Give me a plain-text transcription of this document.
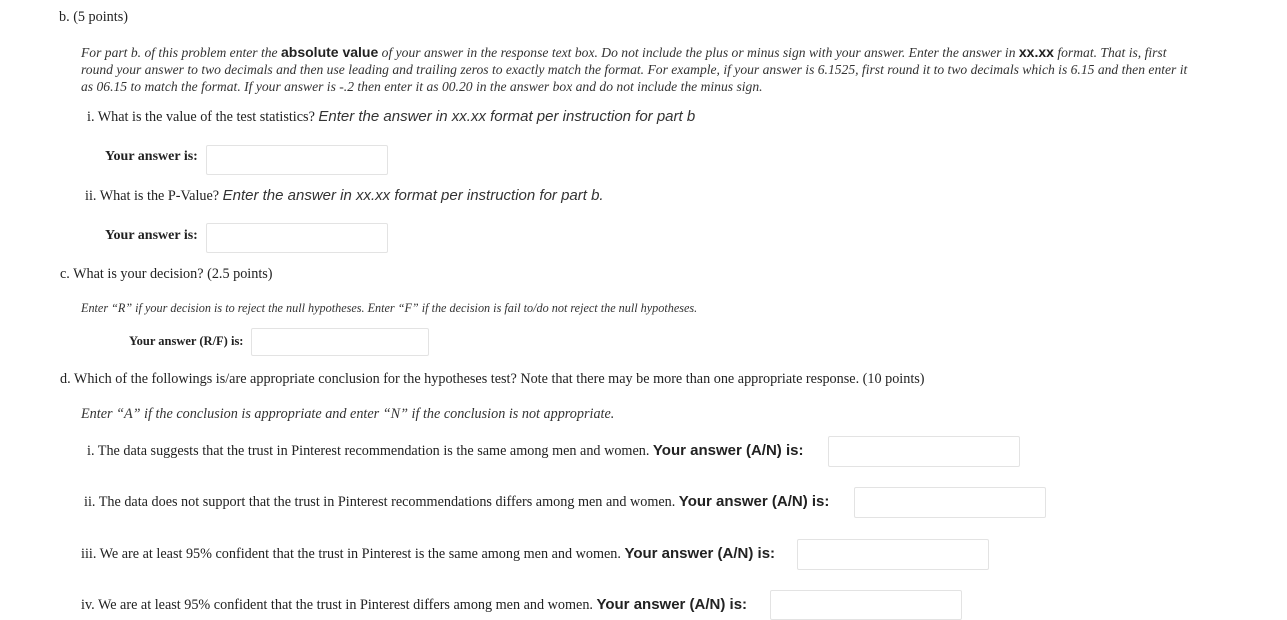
b. (5 points)
For part b. of this problem enter the absolute value of your answer in the response text box. Do not include the plus or minus sign with your answer. Enter the answer in xx.xx format. That is, first round your answer to two decimals and then use leading and trailing zeros to exactly match the format. For example, if your answer is 6.1525, first round it to two decimals which is 6.15 and then enter it as 06.15 to match the format. If your answer is -.2 then enter it as 00.20 in the answer box and do not include the minus sign.
i. What is the value of the test statistics? Enter the answer in xx.xx format per instruction for part b
Your answer is:
ii. What is the P-Value? Enter the answer in xx.xx format per instruction for part b.
Your answer is:
c. What is your decision? (2.5 points)
Enter “R” if your decision is to reject the null hypotheses. Enter “F” if the decision is fail to/do not reject the null hypotheses.
Your answer (R/F) is:
d. Which of the followings is/are appropriate conclusion for the hypotheses test? Note that there may be more than one appropriate response. (10 points)
Enter “A” if the conclusion is appropriate and enter “N” if the conclusion is not appropriate.
i. The data suggests that the trust in Pinterest recommendation is the same among men and women. Your answer (A/N) is:
ii. The data does not support that the trust in Pinterest recommendations differs among men and women. Your answer (A/N) is:
iii. We are at least 95% confident that the trust in Pinterest is the same among men and women. Your answer (A/N) is:
iv. We are at least 95% confident that the trust in Pinterest differs among men and women. Your answer (A/N) is:
